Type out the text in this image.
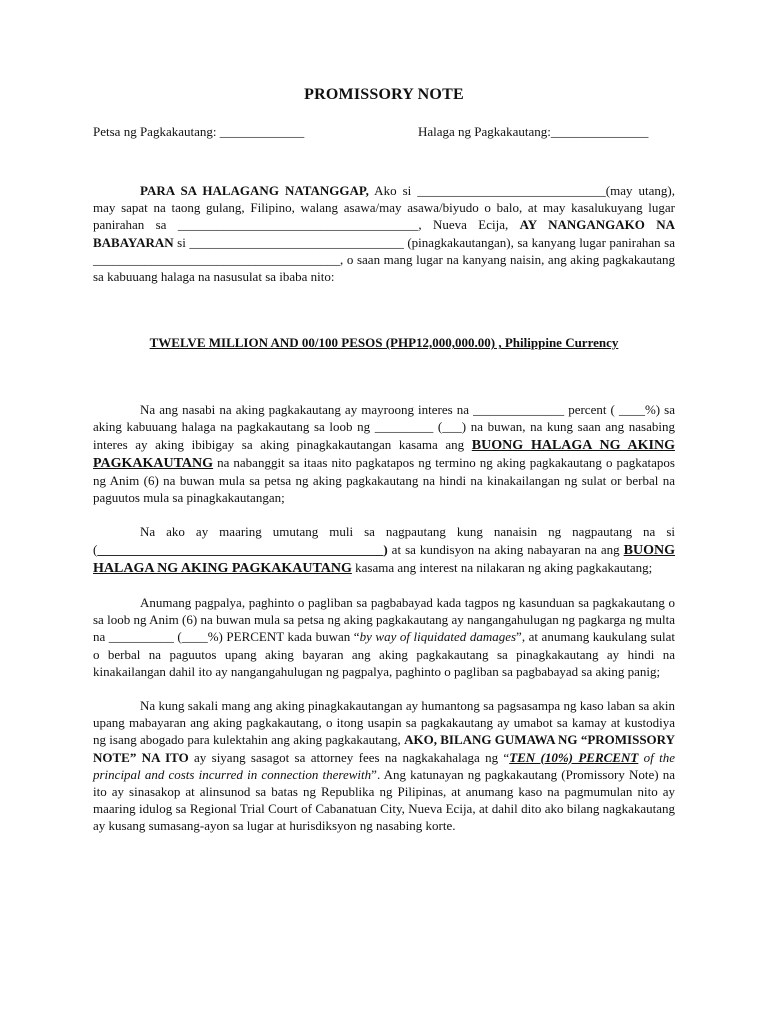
PROMISSORY NOTE
Petsa ng Pagkakautang: _____________	Halaga ng Pagkakautang:_______________

PARA SA HALAGANG NATANGGAP, Ako si _____________________________(may utang), may sapat na taong gulang, Filipino, walang asawa/may asawa/biyudo o balo, at may kasalukuyang lugar panirahan sa _____________________________________, Nueva Ecija, AY NANGANGAKO NA BABAYARAN si _________________________________ (pinagkakautangan), sa kanyang lugar panirahan sa ______________________________________, o saan mang lugar na kanyang naisin, ang aking pagkakautang sa kabuuang halaga na nasusulat sa ibaba nito:

TWELVE MILLION AND 00/100 PESOS (PHP12,000,000.00) , Philippine Currency

Na ang nasabi na aking pagkakautang ay mayroong interes na ______________ percent ( ____%) sa aking kabuuang halaga na pagkakautang sa loob ng _________ (___) na buwan, na kung saan ang nasabing interes ay aking ibibigay sa aking pinagkakautangan kasama ang BUONG HALAGA NG AKING PAGKAKAUTANG na nabanggit sa itaas nito pagkatapos ng termino ng aking pagkakautang o pagkatapos ng Anim (6) na buwan mula sa petsa ng aking pagkakautang na hindi na kinakailangan ng sulat or berbal na paguutos mula sa pinagkakautangan;

Na ako ay maaring umutang muli sa nagpautang kung nanaisin ng nagpautang na si (____________________________________________) at sa kundisyon na aking nabayaran na ang BUONG HALAGA NG AKING PAGKAKAUTANG kasama ang interest na nilakaran ng aking pagkakautang;

Anumang pagpalya, paghinto o pagliban sa pagbabayad kada tagpos ng kasunduan sa pagkakautang o sa loob ng Anim (6) na buwan mula sa petsa ng aking pagkakautang ay nangangahulugan ng pagkarga ng multa na __________ (____%) PERCENT kada buwan “by way of liquidated damages”, at anumang kaukulang sulat o berbal na paguutos upang aking bayaran ang aking pagkakautang sa pinagkakautang ay hindi na kinakailangan dahil ito ay nangangahulugan ng pagpalya, paghinto o pagliban sa pagbabayad sa aking panig;

Na kung sakali mang ang aking pinagkakautangan ay humantong sa pagsasampa ng kaso laban sa akin upang mabayaran ang aking pagkakautang, o itong usapin sa pagkakautang ay umabot sa kamay at kustodiya ng isang abogado para kulektahin ang aking pagkakautang, AKO, BILANG GUMAWA NG “PROMISSORY NOTE” NA ITO ay siyang sasagot sa attorney fees na nagkakahalaga ng “TEN (10%) PERCENT of the principal and costs incurred in connection therewith”. Ang katunayan ng pagkakautang (Promissory Note) na ito ay sinasakop at alinsunod sa batas ng Republika ng Pilipinas, at anumang kaso na pagmumulan nito ay maaring idulog sa Regional Trial Court of Cabanatuan City, Nueva Ecija, at dahil dito ako bilang nagkakautang ay kusang sumasang-ayon sa lugar at hurisdiksyon ng nasabing korte.
